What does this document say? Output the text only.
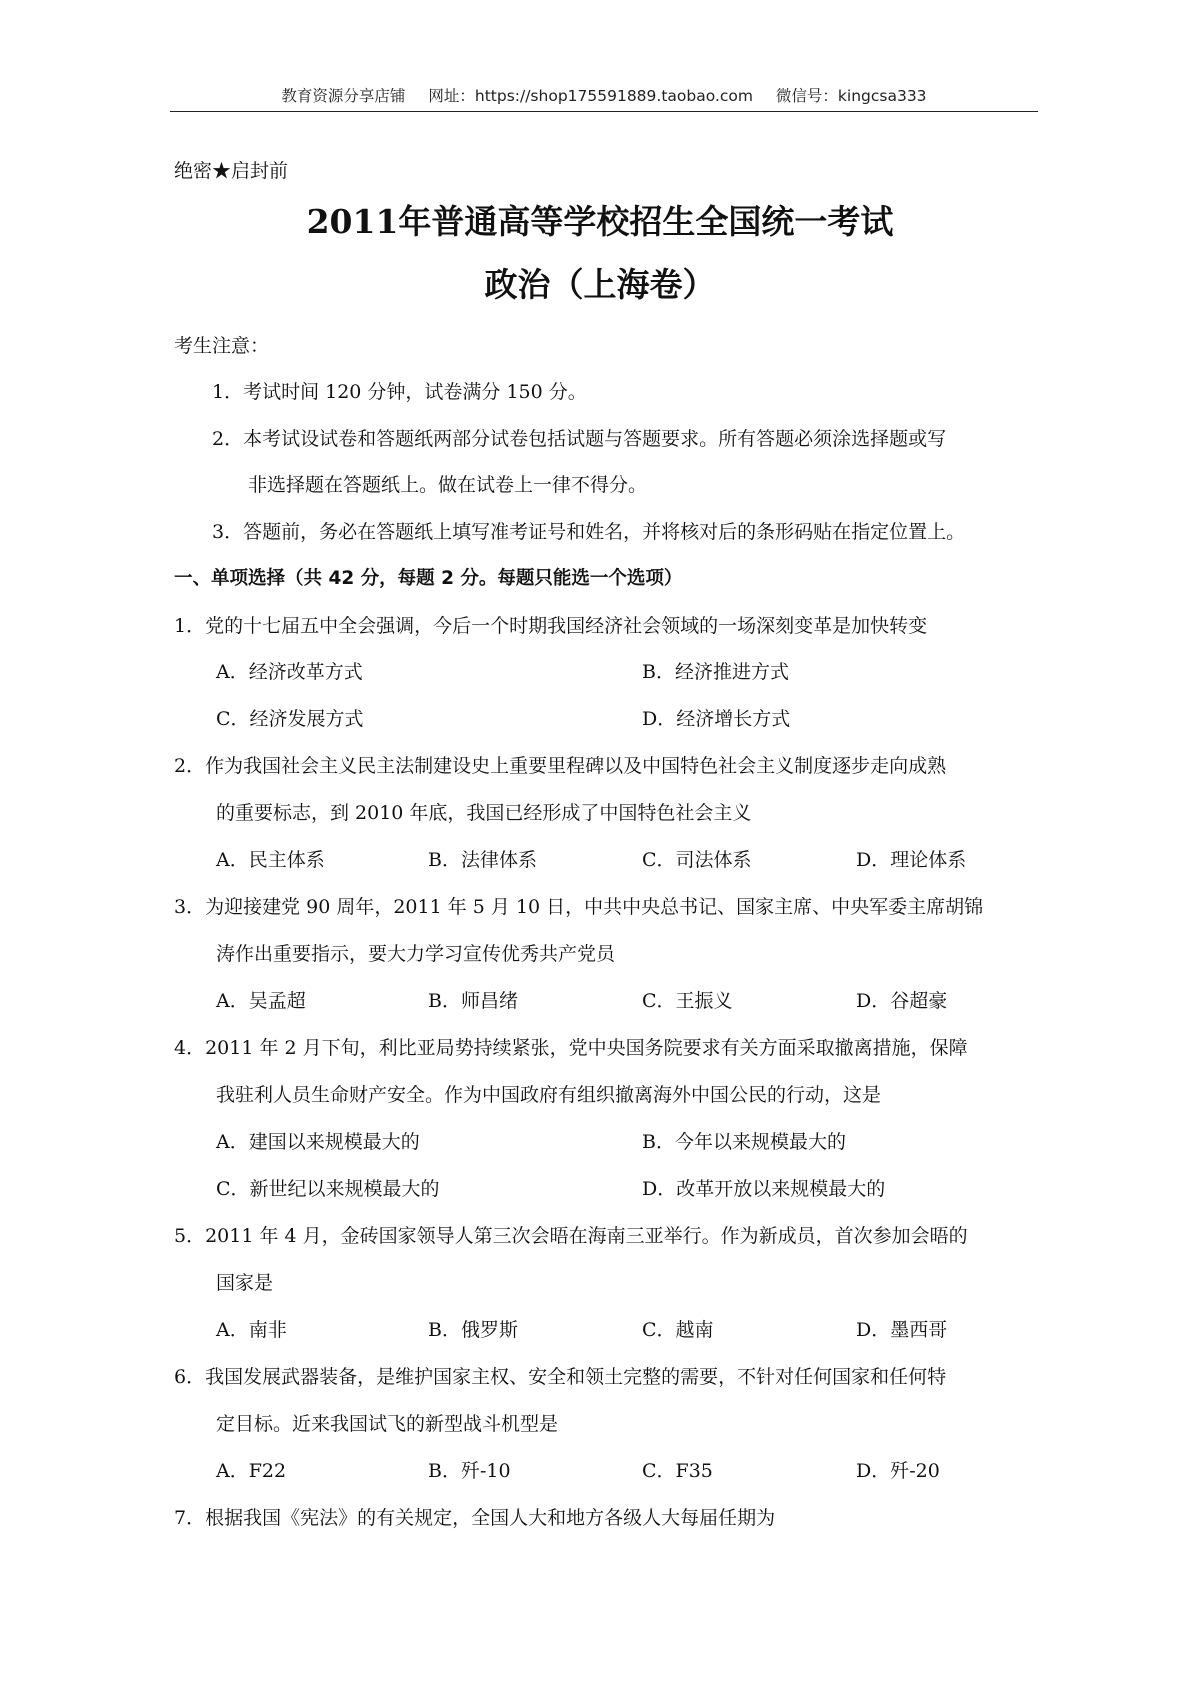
教育资源分享店铺 网址：https://shop175591889.taobao.com 微信号：kingcsa333
绝密★启封前
2011年普通高等学校招生全国统一考试
政治（上海卷）
考生注意：
1．考试时间 120 分钟，试卷满分 150 分。
2．本考试设试卷和答题纸两部分试卷包括试题与答题要求。所有答题必须涂选择题或写
非选择题在答题纸上。做在试卷上一律不得分。
3．答题前，务必在答题纸上填写准考证号和姓名，并将核对后的条形码贴在指定位置上。
一、单项选择（共 42 分，每题 2 分。每题只能选一个选项）
1．党的十七届五中全会强调，今后一个时期我国经济社会领域的一场深刻变革是加快转变
A．经济改革方式	B．经济推进方式
C．经济发展方式	D．经济增长方式
2．作为我国社会主义民主法制建设史上重要里程碑以及中国特色社会主义制度逐步走向成熟
的重要标志，到 2010 年底，我国已经形成了中国特色社会主义
A．民主体系	B．法律体系	C．司法体系	D．理论体系
3．为迎接建党 90 周年，2011 年 5 月 10 日，中共中央总书记、国家主席、中央军委主席胡锦
涛作出重要指示，要大力学习宣传优秀共产党员
A．吴孟超	B．师昌绪	C．王振义	D．谷超豪
4．2011 年 2 月下旬，利比亚局势持续紧张，党中央国务院要求有关方面采取撤离措施，保障
我驻利人员生命财产安全。作为中国政府有组织撤离海外中国公民的行动，这是
A．建国以来规模最大的	B．今年以来规模最大的
C．新世纪以来规模最大的	D．改革开放以来规模最大的
5．2011 年 4 月，金砖国家领导人第三次会晤在海南三亚举行。作为新成员，首次参加会晤的
国家是
A．南非	B．俄罗斯	C．越南	D．墨西哥
6．我国发展武器装备，是维护国家主权、安全和领土完整的需要，不针对任何国家和任何特
定目标。近来我国试飞的新型战斗机型是
A．F22	B．歼-10	C．F35	D．歼-20
7．根据我国《宪法》的有关规定，全国人大和地方各级人大每届任期为
